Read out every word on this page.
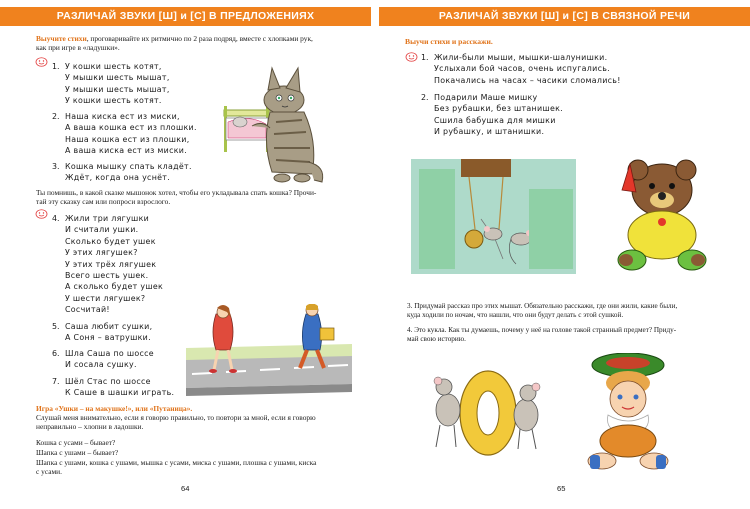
РАЗЛИЧАЙ ЗВУКИ [Ш] и [С] В ПРЕДЛОЖЕНИЯХ
Выучите стихи, проговаривайте их ритмично по 2 раза подряд, вместе с хлопками рук,
как при игре в «ладушки».
1. У кошки шесть котят,
У мышки шесть мышат,
У мышки шесть мышат,
У кошки шесть котят.
2. Наша киска ест из миски,
А ваша кошка ест из плошки.
Наша кошка ест из плошки,
А ваша киска ест из миски.
3. Кошка мышку спать кладёт.
Ждёт, когда она уснёт.
Ты помнишь, в какой сказке мышонок хотел, чтобы его укладывала спать кошка? Прочи-
тай эту сказку сам или попроси взрослого.
4. Жили три лягушки
И считали ушки.
Сколько будет ушек
У этих лягушек?
У этих трёх лягушек
Всего шесть ушек.
А сколько будет ушек
У шести лягушек?
Сосчитай!
5. Саша любит сушки,
А Соня – ватрушки.
6. Шла Саша по шоссе
И сосала сушку.
7. Шёл Стас по шоссе
К Саше в шашки играть.
Игра «Ушки – на макушке!», или «Путаница».
Слушай меня внимательно, если я говорю правильно, то повтори за мной, если я говорю
неправильно – хлопни в ладошки.
Кошка с усами – бывает?
Шапка с ушами – бывает?
Шапка с ушами, кошка с ушами, мышка с усами, миска с ушами, плошка с ушами, киска
с усами.
64
РАЗЛИЧАЙ ЗВУКИ [Ш] и [С] В СВЯЗНОЙ РЕЧИ
Выучи стихи и расскажи.
1. Жили-были мыши, мышки-шалунишки.
Услыхали бой часов, очень испугались.
Покачались на часах – часики сломались!
2. Подарили Маше мишку
Без рубашки, без штанишек.
Сшила бабушка для мишки
И рубашку, и штанишки.
3. Придумай рассказ про этих мышат. Обязательно расскажи, где они жили, какие были,
куда ходили по ночам, что нашли, что они будут делать с этой сушкой.
4. Это кукла. Как ты думаешь, почему у неё на голове такой странный предмет? Приду-
май свою историю.
65
